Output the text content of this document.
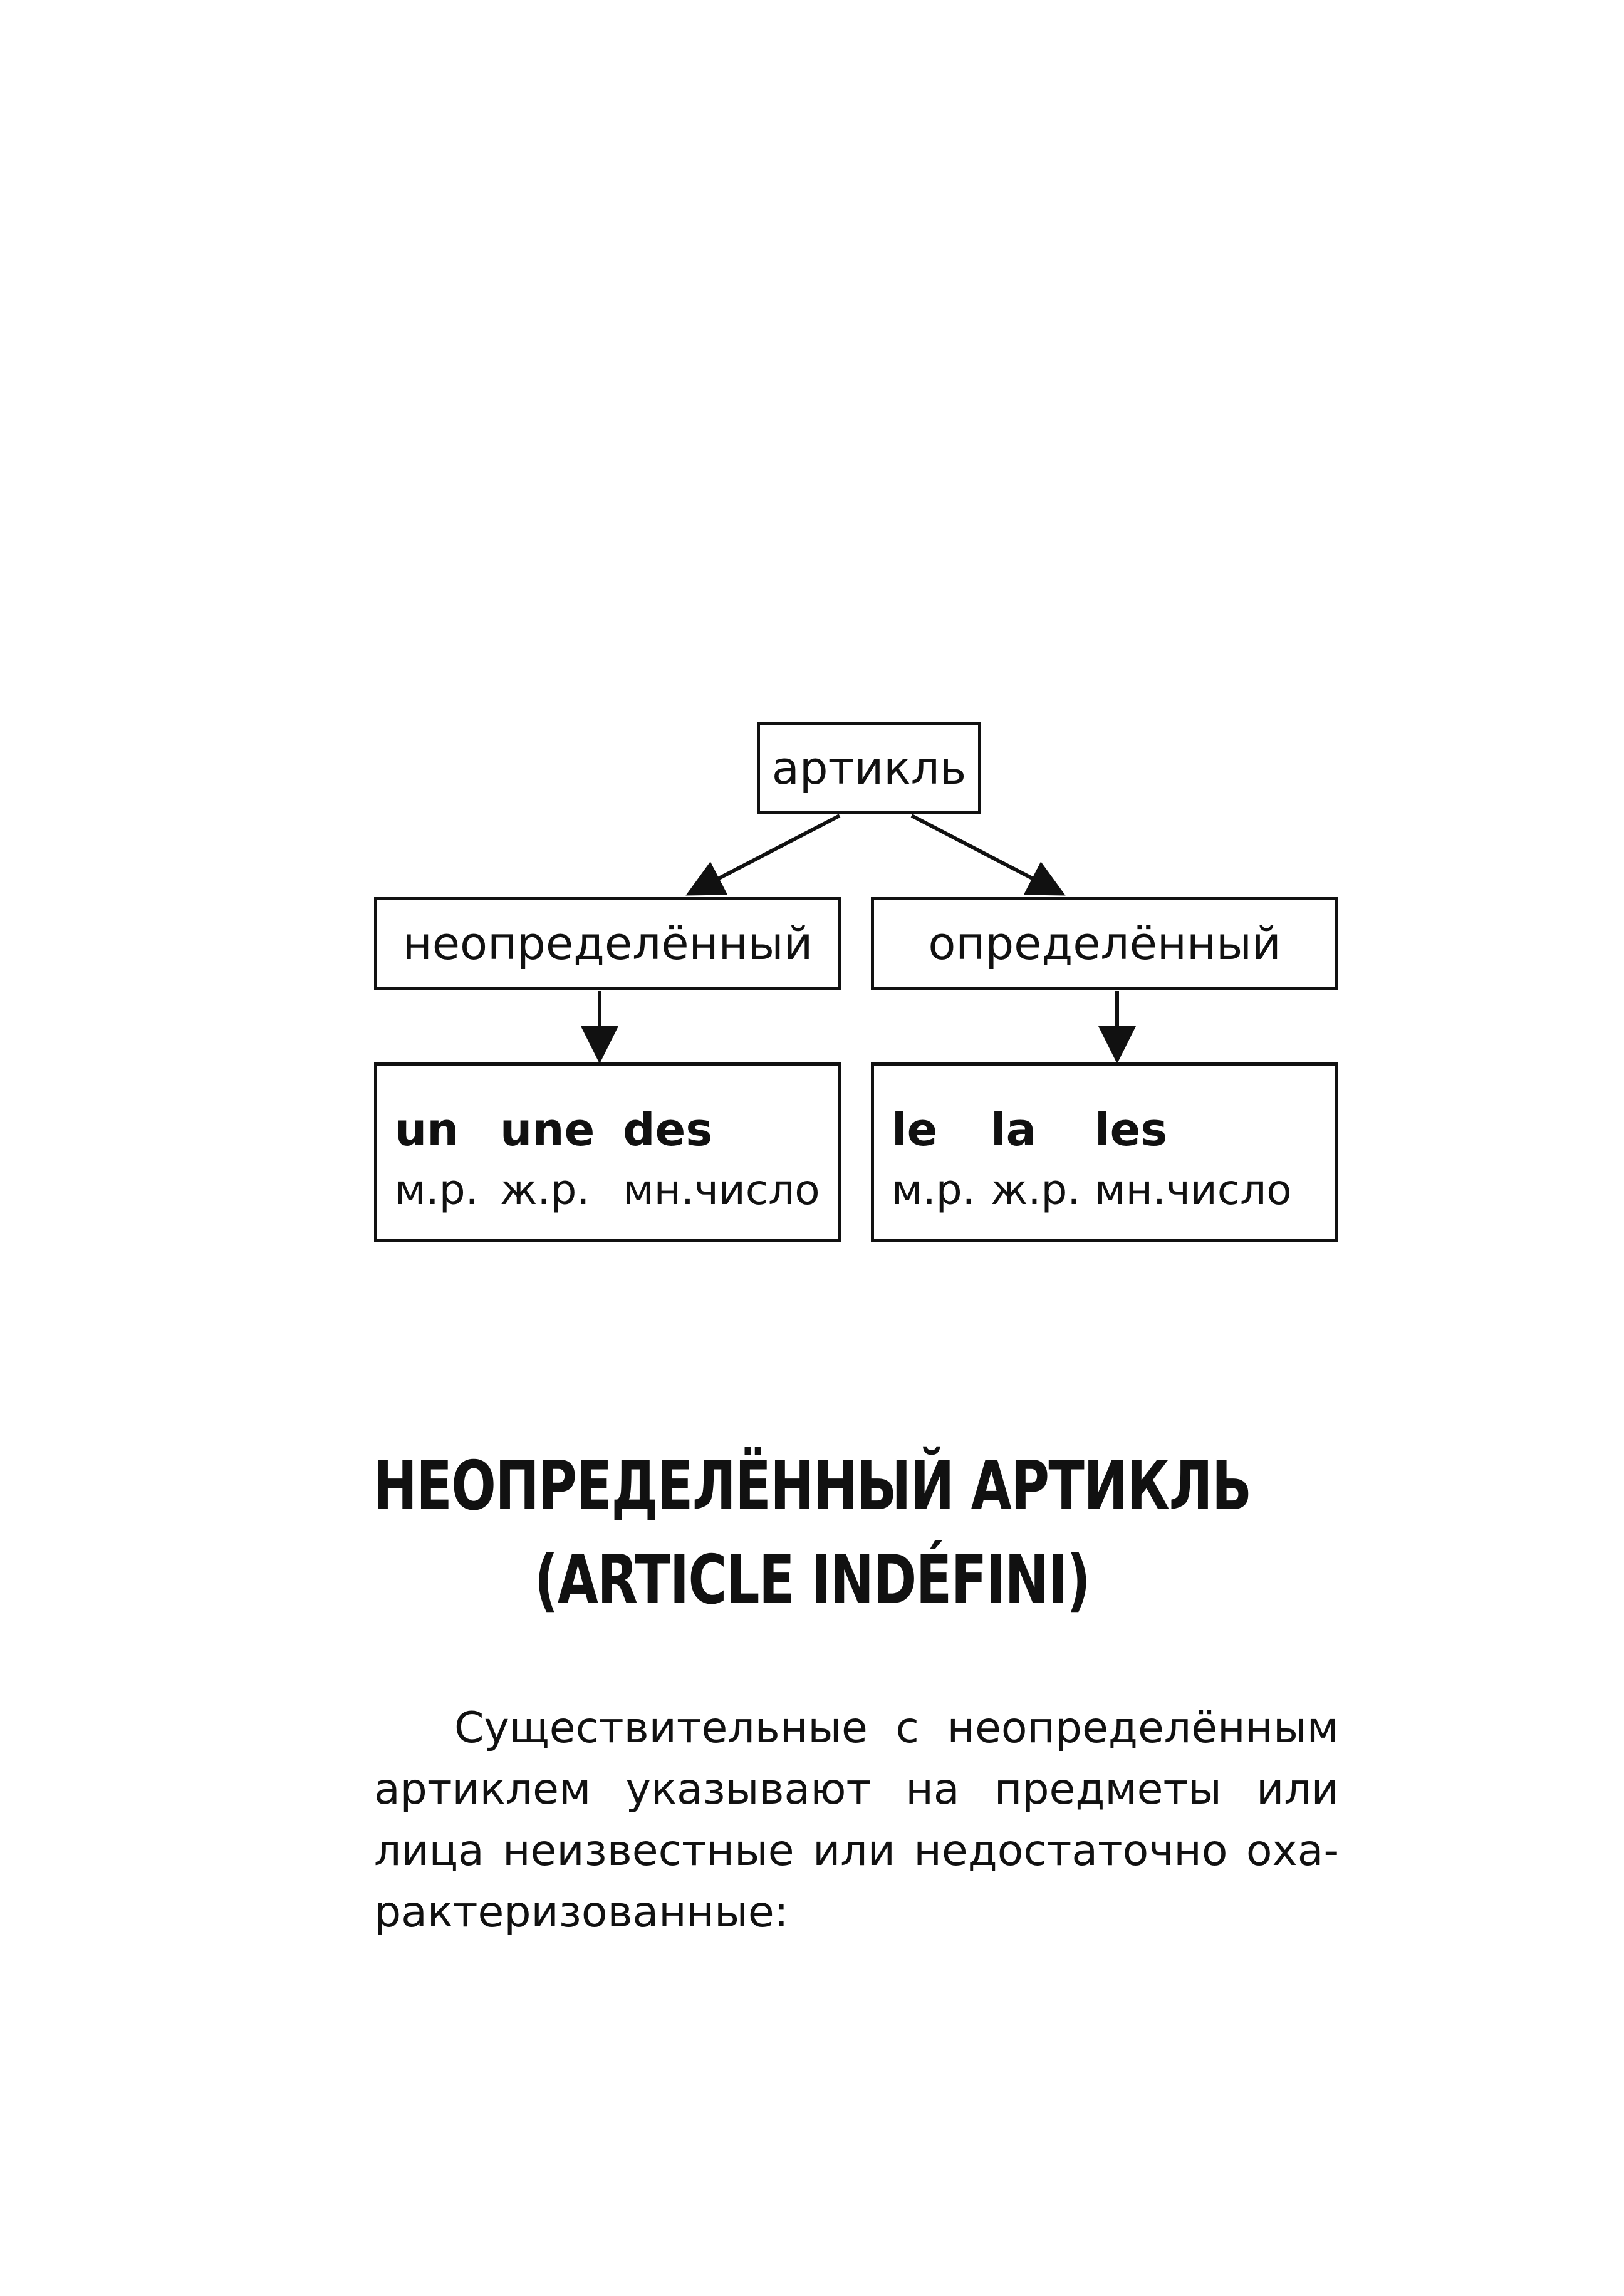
артикль
неопределённый	определённый
un une des
м.р. ж.р. мн.число
le la les
м.р. ж.р. мн.число
НЕОПРЕДЕЛЁННЫЙ АРТИКЛЬ
(ARTICLE INDÉFINI)
Существительные с неопределённым
артиклем указывают на предметы или
лица неизвестные или недостаточно оха-
рактеризованные:
